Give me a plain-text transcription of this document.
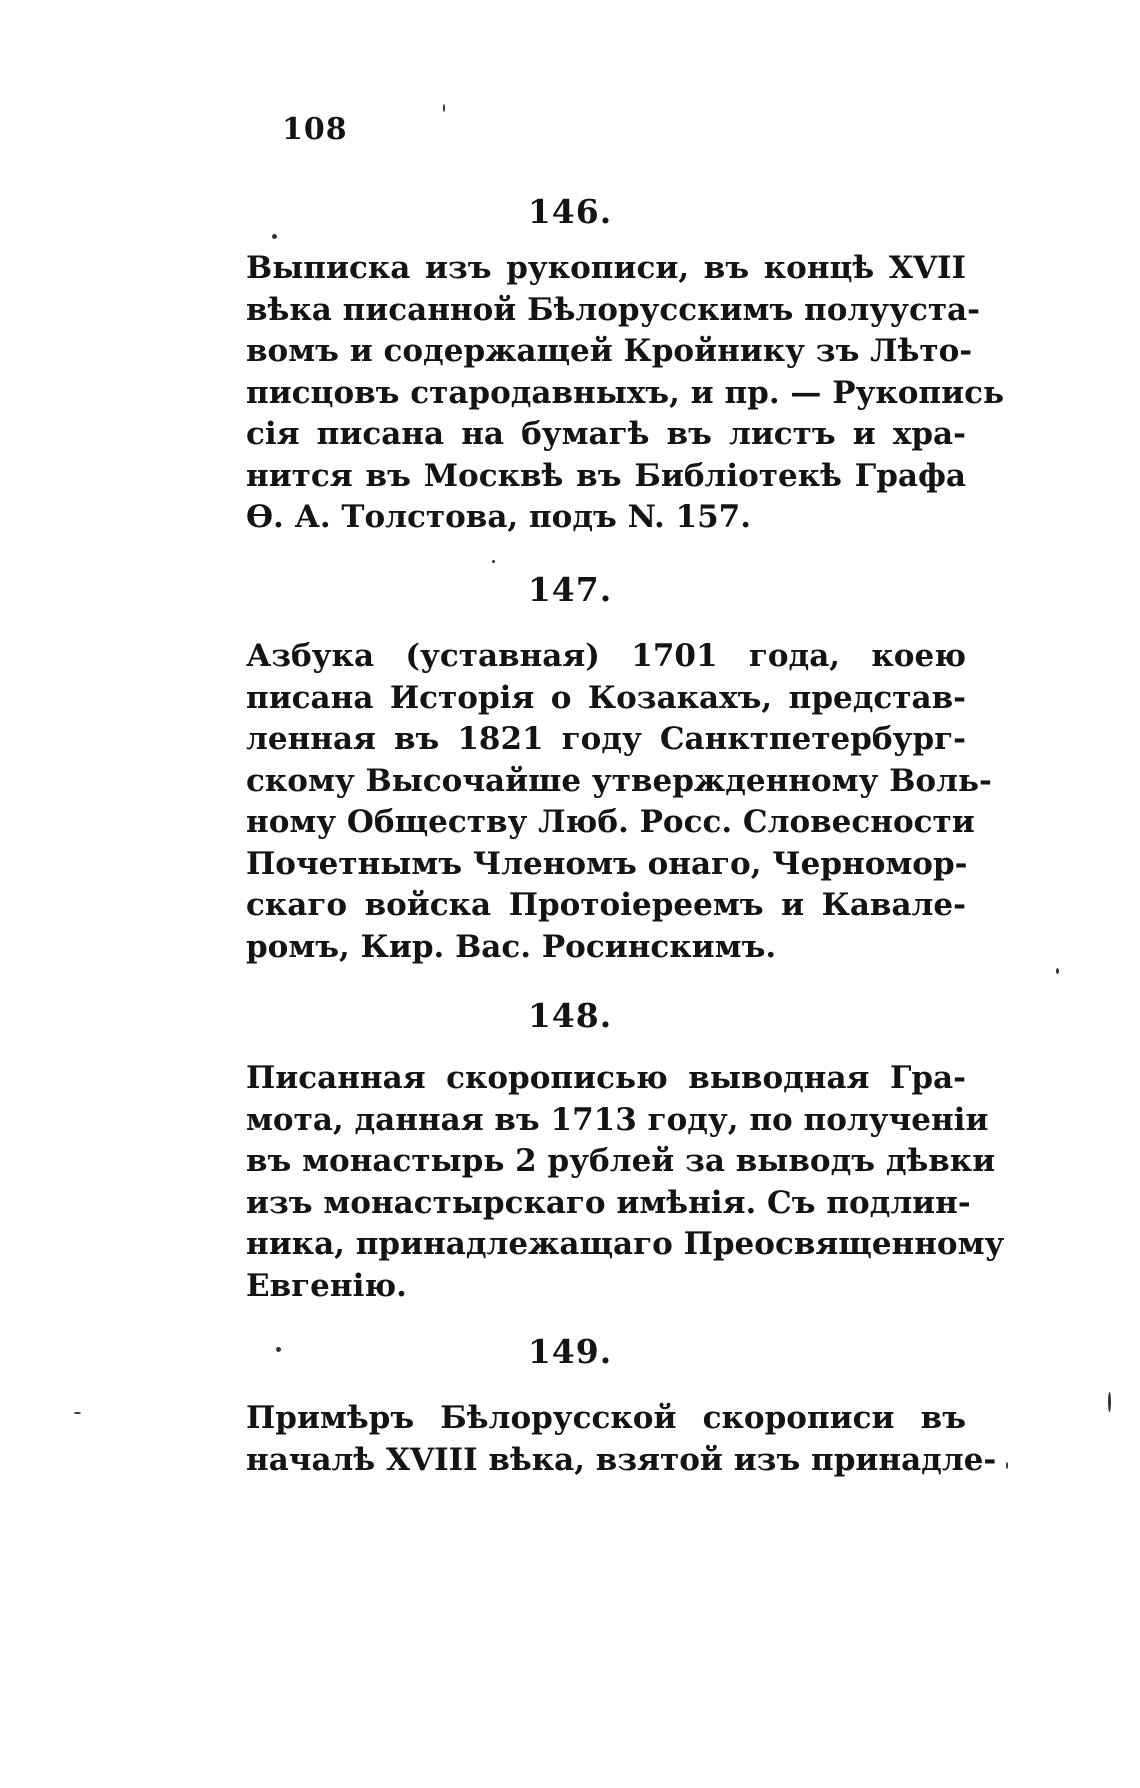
108
146.
Выписка изъ рукописи, въ концѣ XVII
вѣка писанной Бѣлорусскимъ полууста-
вомъ и содержащей Кройнику зъ Лѣто-
писцовъ стародавныхъ, и пр. — Рукопись
сія писана на бумагѣ въ листъ и хра-
нится въ Москвѣ въ Библіотекѣ Графа
Ѳ. А. Толстова, подъ N. 157.
147.
Азбука (уставная) 1701 года, коею
писана Исторія о Козакахъ, представ-
ленная въ 1821 году Санктпетербург-
скому Высочайше утвержденному Воль-
ному Обществу Люб. Росс. Словесности
Почетнымъ Членомъ онаго, Черномор-
скаго войска Протоіереемъ и Кавале-
ромъ, Кир. Вас. Росинскимъ.
148.
Писанная скорописью выводная Гра-
мота, данная въ 1713 году, по полученіи
въ монастырь 2 рублей за выводъ дѣвки
изъ монастырскаго имѣнія. Съ подлин-
ника, принадлежащаго Преосвященному
Евгенію.
149.
Примѣръ Бѣлорусской скорописи въ
началѣ XVIII вѣка, взятой изъ принадле-
